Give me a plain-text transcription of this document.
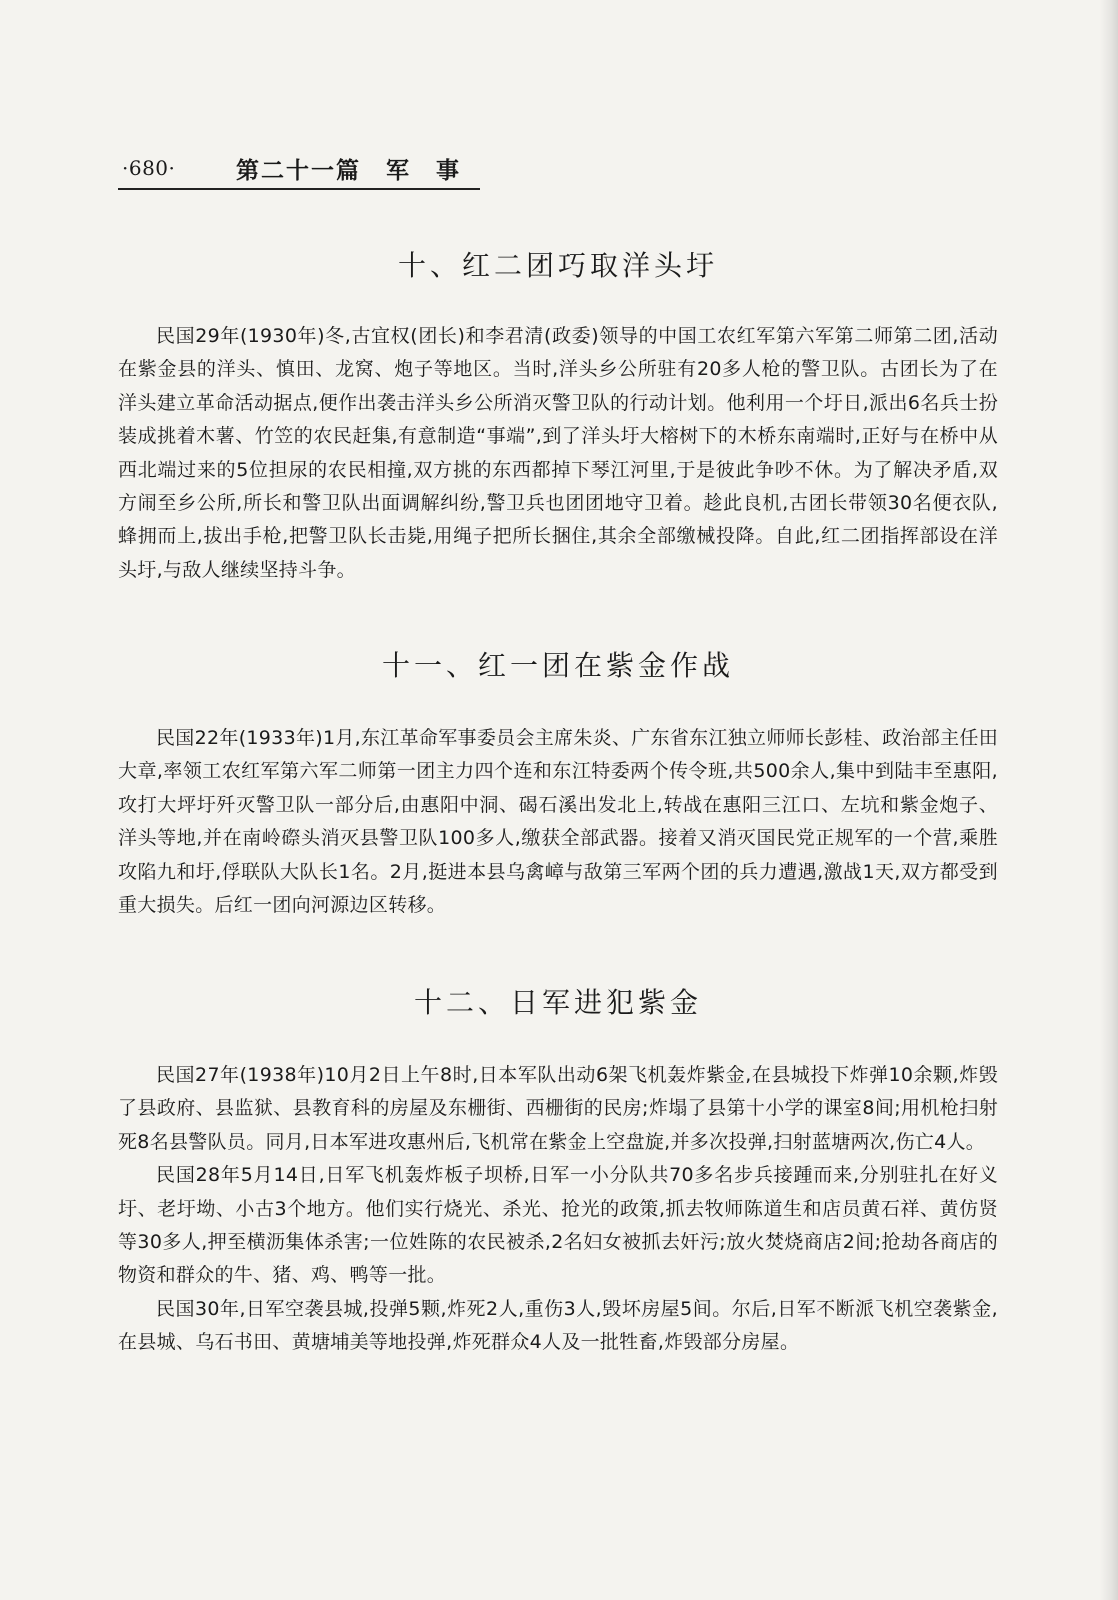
·680·	第二十一篇　军　事
十、红二团巧取洋头圩

民国29年(1930年)冬,古宜权(团长)和李君清(政委)领导的中国工农红军第六军第二师第二团,活动在紫金县的洋头、慎田、龙窝、炮子等地区。当时,洋头乡公所驻有20多人枪的警卫队。古团长为了在洋头建立革命活动据点,便作出袭击洋头乡公所消灭警卫队的行动计划。他利用一个圩日,派出6名兵士扮装成挑着木薯、竹笠的农民赶集,有意制造“事端”,到了洋头圩大榕树下的木桥东南端时,正好与在桥中从西北端过来的5位担尿的农民相撞,双方挑的东西都掉下琴江河里,于是彼此争吵不休。为了解决矛盾,双方闹至乡公所,所长和警卫队出面调解纠纷,警卫兵也团团地守卫着。趁此良机,古团长带领30名便衣队,蜂拥而上,拔出手枪,把警卫队长击毙,用绳子把所长捆住,其余全部缴械投降。自此,红二团指挥部设在洋头圩,与敌人继续坚持斗争。

十一、红一团在紫金作战

民国22年(1933年)1月,东江革命军事委员会主席朱炎、广东省东江独立师师长彭桂、政治部主任田大章,率领工农红军第六军二师第一团主力四个连和东江特委两个传令班,共500余人,集中到陆丰至惠阳,攻打大坪圩歼灭警卫队一部分后,由惠阳中洞、碣石溪出发北上,转战在惠阳三江口、左坑和紫金炮子、洋头等地,并在南岭磜头消灭县警卫队100多人,缴获全部武器。接着又消灭国民党正规军的一个营,乘胜攻陷九和圩,俘联队大队长1名。2月,挺进本县乌禽嶂与敌第三军两个团的兵力遭遇,激战1天,双方都受到重大损失。后红一团向河源边区转移。

十二、日军进犯紫金

民国27年(1938年)10月2日上午8时,日本军队出动6架飞机轰炸紫金,在县城投下炸弹10余颗,炸毁了县政府、县监狱、县教育科的房屋及东栅街、西栅街的民房;炸塌了县第十小学的课室8间;用机枪扫射死8名县警队员。同月,日本军进攻惠州后,飞机常在紫金上空盘旋,并多次投弹,扫射蓝塘两次,伤亡4人。

民国28年5月14日,日军飞机轰炸板子坝桥,日军一小分队共70多名步兵接踵而来,分别驻扎在好义圩、老圩坳、小古3个地方。他们实行烧光、杀光、抢光的政策,抓去牧师陈道生和店员黄石祥、黄仿贤等30多人,押至横沥集体杀害;一位姓陈的农民被杀,2名妇女被抓去奸污;放火焚烧商店2间;抢劫各商店的物资和群众的牛、猪、鸡、鸭等一批。

民国30年,日军空袭县城,投弹5颗,炸死2人,重伤3人,毁坏房屋5间。尔后,日军不断派飞机空袭紫金,在县城、乌石书田、黄塘埔美等地投弹,炸死群众4人及一批牲畜,炸毁部分房屋。
